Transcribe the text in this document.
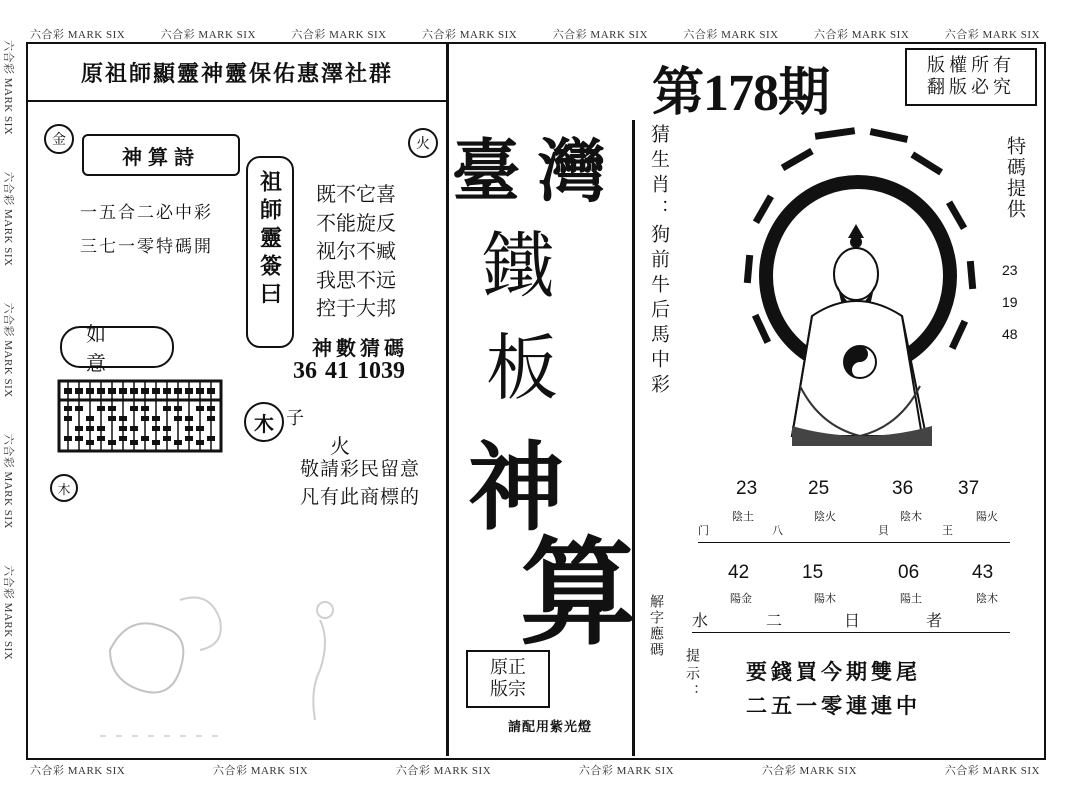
六合彩 MARK SIX	六合彩 MARK SIX	六合彩 MARK SIX	六合彩 MARK SIX	六合彩 MARK SIX	六合彩 MARK SIX	六合彩 MARK SIX	六合彩 MARK SIX
六合彩 MARK SIX	六合彩 MARK SIX	六合彩 MARK SIX	六合彩 MARK SIX	六合彩 MARK SIX	六合彩 MARK SIX
六合彩 MARK SIX
六合彩 MARK SIX
六合彩 MARK SIX
六合彩 MARK SIX
六合彩 MARK SIX
原祖師顯靈神靈保佑惠澤社群	第178期	版權所有
翻版必究
金	火
神算詩
一五合二必中彩
三七一零特碼開 祖師靈簽曰 既不它喜
不能旋反
视尔不臧
我思不远
控于大邦
如意
神數猜碼
36 41 1039
木 子
火
敬請彩民留意
凡有此商標的
木
臺 灣
鐵
板
神
算
原正版宗
請配用紫光燈
猜生肖：狗前牛后馬中彩	特碼提供
23
19
48
23	25	36 37
陰土	陰火	陰木	陽火
门	八	貝	王
42	15	06	43
陽金	陽木	陽土	陰木
水	二	日	者
解字應碼
提示： 要錢買今期雙尾
二五一零連連中
